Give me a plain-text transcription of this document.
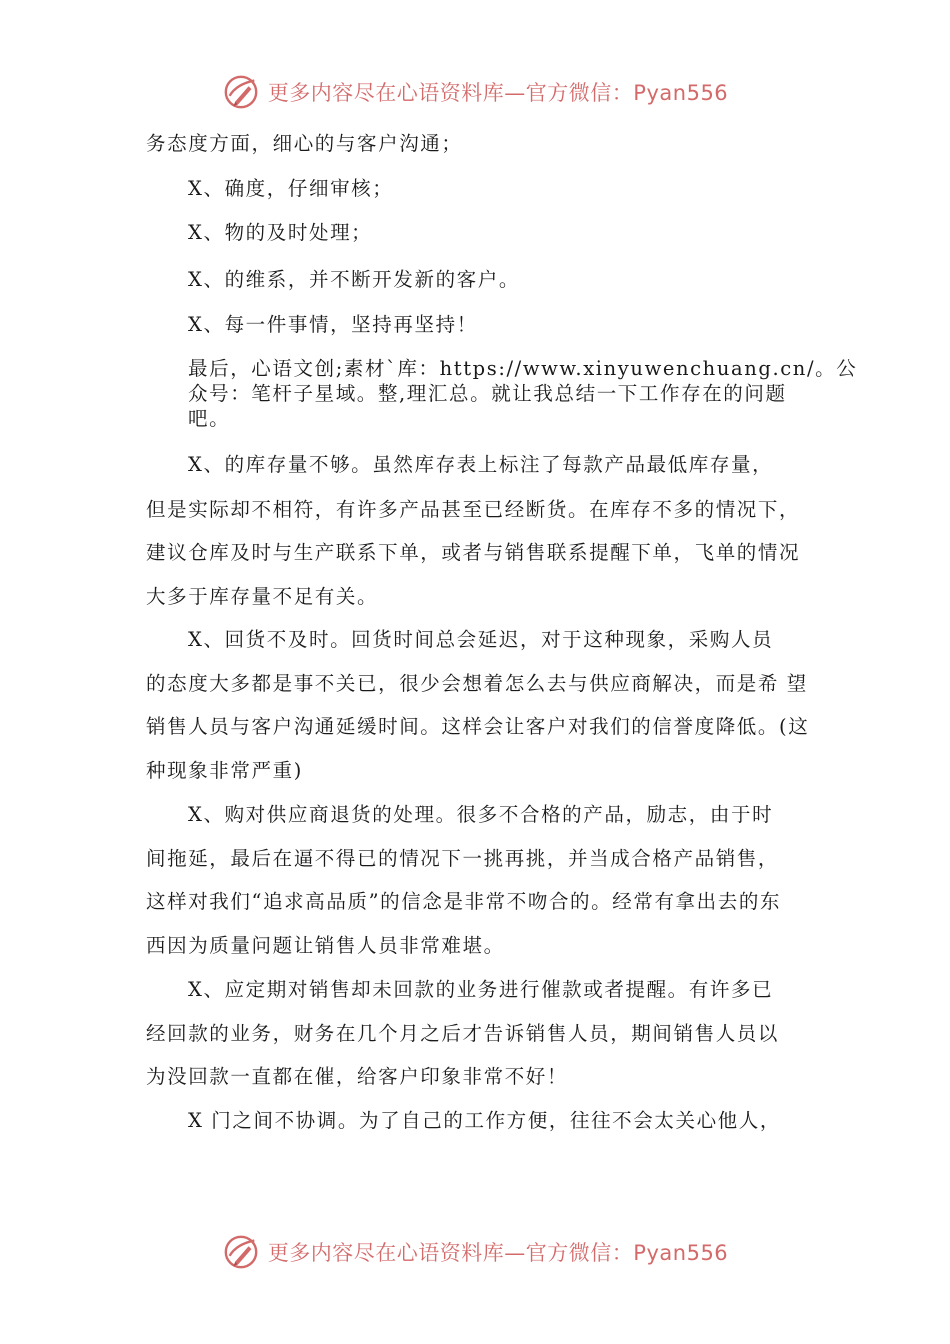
更多内容尽在心语资料库—官方微信：Pyan556
务态度方面，细心的与客户沟通；
X、确度，仔细审核；
X、物的及时处理；
X、的维系，并不断开发新的客户。
X、每一件事情，坚持再坚持！
最后，心语文创;素材`库：https://www.xinyuwenchuang.cn/。公
众号：笔杆子星域。整,理汇总。就让我总结一下工作存在的问题
吧。
X、的库存量不够。虽然库存表上标注了每款产品最低库存量，
但是实际却不相符，有许多产品甚至已经断货。在库存不多的情况下，
建议仓库及时与生产联系下单，或者与销售联系提醒下单，飞单的情况
大多于库存量不足有关。
X、回货不及时。回货时间总会延迟，对于这种现象，采购人员
的态度大多都是事不关已，很少会想着怎么去与供应商解决，而是希 望
销售人员与客户沟通延缓时间。这样会让客户对我们的信誉度降低。(这
种现象非常严重)
X、购对供应商退货的处理。很多不合格的产品，励志，由于时
间拖延，最后在逼不得已的情况下一挑再挑，并当成合格产品销售，
这样对我们“追求高品质”的信念是非常不吻合的。经常有拿出去的东
西因为质量问题让销售人员非常难堪。
X、应定期对销售却未回款的业务进行催款或者提醒。有许多已
经回款的业务，财务在几个月之后才告诉销售人员，期间销售人员以
为没回款一直都在催，给客户印象非常不好！
X 门之间不协调。为了自己的工作方便，往往不会太关心他人，
更多内容尽在心语资料库—官方微信：Pyan556
